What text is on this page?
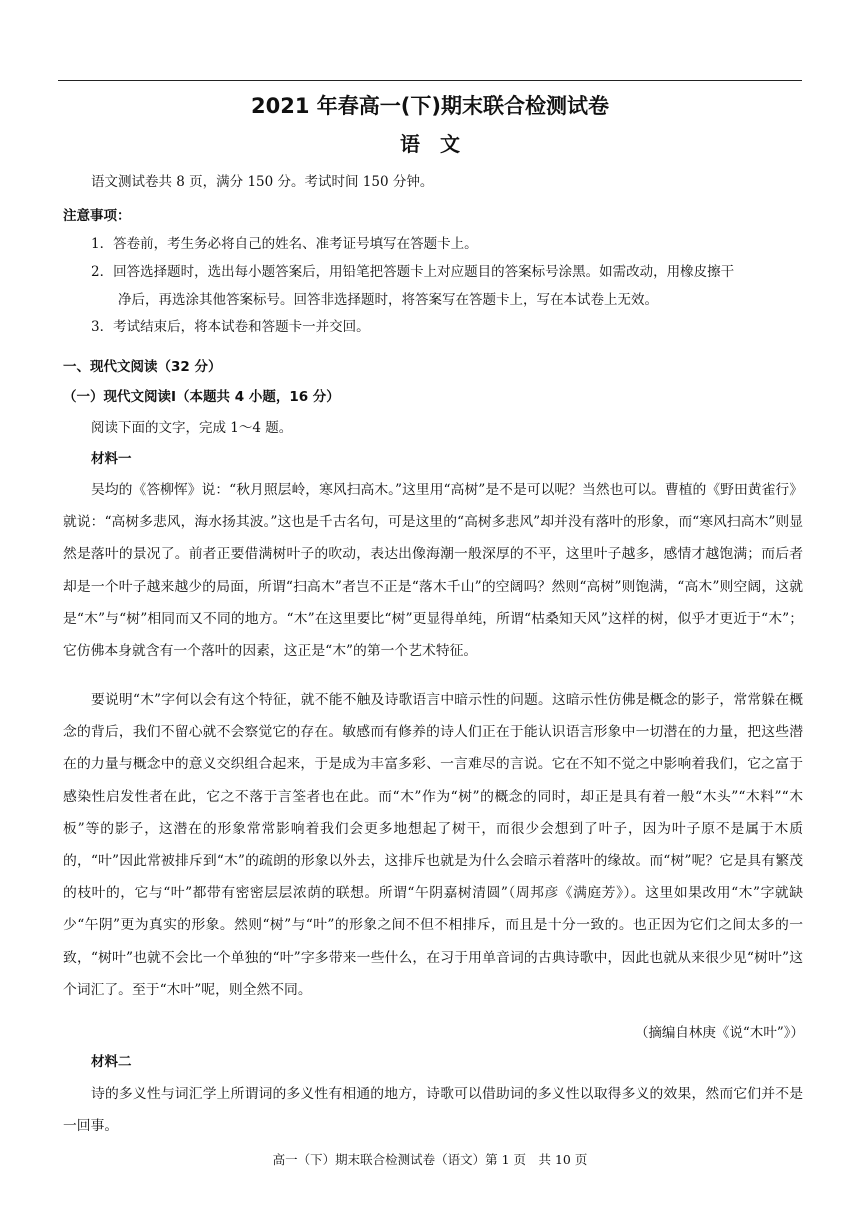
2021 年春高一(下)期末联合检测试卷
语文
语文测试卷共 8 页，满分 150 分。考试时间 150 分钟。
注意事项：
1．答卷前，考生务必将自己的姓名、准考证号填写在答题卡上。
2．回答选择题时，选出每小题答案后，用铅笔把答题卡上对应题目的答案标号涂黑。如需改动，用橡皮擦干
净后，再选涂其他答案标号。回答非选择题时，将答案写在答题卡上，写在本试卷上无效。
3．考试结束后，将本试卷和答题卡一并交回。
一、现代文阅读（32 分）
（一）现代文阅读Ⅰ（本题共 4 小题，16 分）
阅读下面的文字，完成 1～4 题。
材料一

吴均的《答柳恽》说：“秋月照层岭，寒风扫高木。”这里用“高树”是不是可以呢？当然也可以。曹植的《野田黄雀行》就说：“高树多悲风，海水扬其波。”这也是千古名句，可是这里的“高树多悲风”却并没有落叶的形象，而“寒风扫高木”则显然是落叶的景况了。前者正要借满树叶子的吹动，表达出像海潮一般深厚的不平，这里叶子越多，感情才越饱满；而后者却是一个叶子越来越少的局面，所谓“扫高木”者岂不正是“落木千山”的空阔吗？然则“高树”则饱满，“高木”则空阔，这就是“木”与“树”相同而又不同的地方。“木”在这里要比“树”更显得单纯，所谓“枯桑知天风”这样的树，似乎才更近于“木”；它仿佛本身就含有一个落叶的因素，这正是“木”的第一个艺术特征。

要说明“木”字何以会有这个特征，就不能不触及诗歌语言中暗示性的问题。这暗示性仿佛是概念的影子，常常躲在概念的背后，我们不留心就不会察觉它的存在。敏感而有修养的诗人们正在于能认识语言形象中一切潜在的力量，把这些潜在的力量与概念中的意义交织组合起来，于是成为丰富多彩、一言难尽的言说。它在不知不觉之中影响着我们，它之富于感染性启发性者在此，它之不落于言筌者也在此。而“木”作为“树”的概念的同时，却正是具有着一般“木头”“木料”“木板”等的影子，这潜在的形象常常影响着我们会更多地想起了树干，而很少会想到了叶子，因为叶子原不是属于木质的，“叶”因此常被排斥到“木”的疏朗的形象以外去，这排斥也就是为什么会暗示着落叶的缘故。而“树”呢？它是具有繁茂的枝叶的，它与“叶”都带有密密层层浓荫的联想。所谓“午阴嘉树清圆”（周邦彦《满庭芳》）。这里如果改用“木”字就缺少“午阴”更为真实的形象。然则“树”与“叶”的形象之间不但不相排斥，而且是十分一致的。也正因为它们之间太多的一致，“树叶”也就不会比一个单独的“叶”字多带来一些什么，在习于用单音词的古典诗歌中，因此也就从来很少见“树叶”这个词汇了。至于“木叶”呢，则全然不同。

（摘编自林庚《说“木叶”》）
材料二

诗的多义性与词汇学上所谓词的多义性有相通的地方，诗歌可以借助词的多义性以取得多义的效果，然而它们并不是一回事。

高一（下）期末联合检测试卷（语文）第 1 页　共 10 页
